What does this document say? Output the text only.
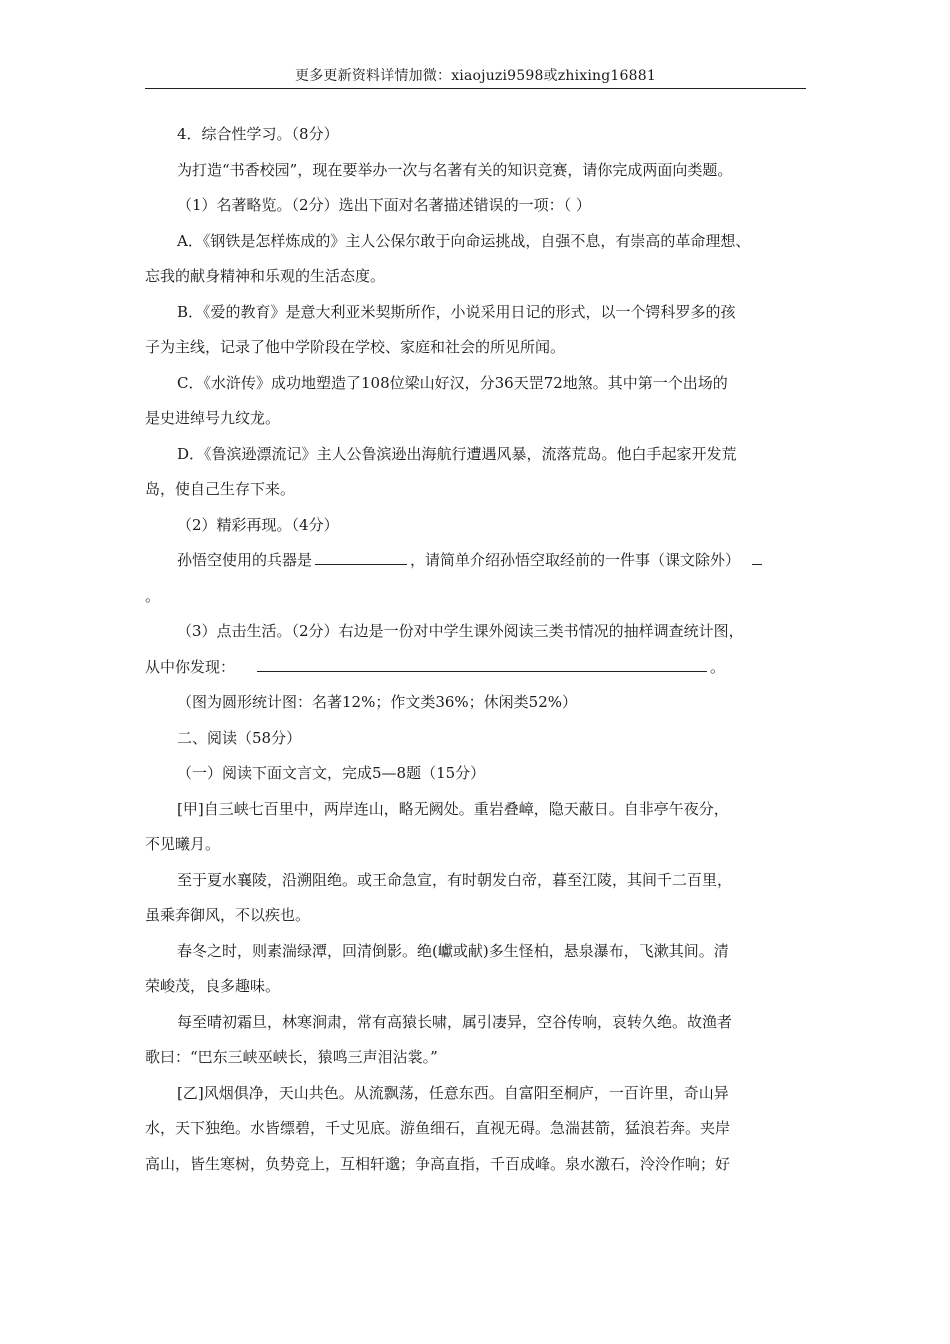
更多更新资料详情加微：xiaojuzi9598或zhixing16881
4．综合性学习。（8分）
为打造“书香校园”，现在要举办一次与名著有关的知识竞赛，请你完成两面向类题。
（1）名著略览。（2分）选出下面对名著描述错误的一项：（ ）
A．《钢铁是怎样炼成的》主人公保尔敢于向命运挑战，自强不息，有崇高的革命理想、
忘我的献身精神和乐观的生活态度。
B．《爱的教育》是意大利亚米契斯所作，小说采用日记的形式，以一个锷科罗多的孩
子为主线，记录了他中学阶段在学校、家庭和社会的所见所闻。
C．《水浒传》成功地塑造了108位梁山好汉，分36天罡72地煞。其中第一个出场的
是史进绰号九纹龙。
D．《鲁滨逊漂流记》主人公鲁滨逊出海航行遭遇风暴，流落荒岛。他白手起家开发荒
岛，使自己生存下来。
（2）精彩再现。（4分）
孙悟空使用的兵器是	，请简单介绍孙悟空取经前的一件事（课文除外）
。
（3）点击生活。（2分）右边是一份对中学生课外阅读三类书情况的抽样调查统计图，
从中你发现：	。
（图为圆形统计图：名著12%；作文类36%；休闲类52%）
二、阅读（58分）
（一）阅读下面文言文，完成5—8题（15分）
[甲]自三峡七百里中，两岸连山，略无阙处。重岩叠嶂，隐天蔽日。自非亭午夜分，
不见曦月。
至于夏水襄陵，沿溯阻绝。或王命急宣，有时朝发白帝，暮至江陵，其间千二百里，
虽乘奔御风，不以疾也。
春冬之时，则素湍绿潭，回清倒影。绝(巘或献)多生怪柏，悬泉瀑布，飞漱其间。清
荣峻茂，良多趣味。
每至晴初霜旦，林寒涧肃，常有高猿长啸，属引凄异，空谷传响，哀转久绝。故渔者
歌曰：“巴东三峡巫峡长，猿鸣三声泪沾裳。”
[乙]风烟俱净，天山共色。从流飘荡，任意东西。自富阳至桐庐，一百许里，奇山异
水，天下独绝。水皆缥碧，千丈见底。游鱼细石，直视无碍。急湍甚箭，猛浪若奔。夹岸
高山，皆生寒树，负势竞上，互相轩邈；争高直指，千百成峰。泉水激石，泠泠作响；好
